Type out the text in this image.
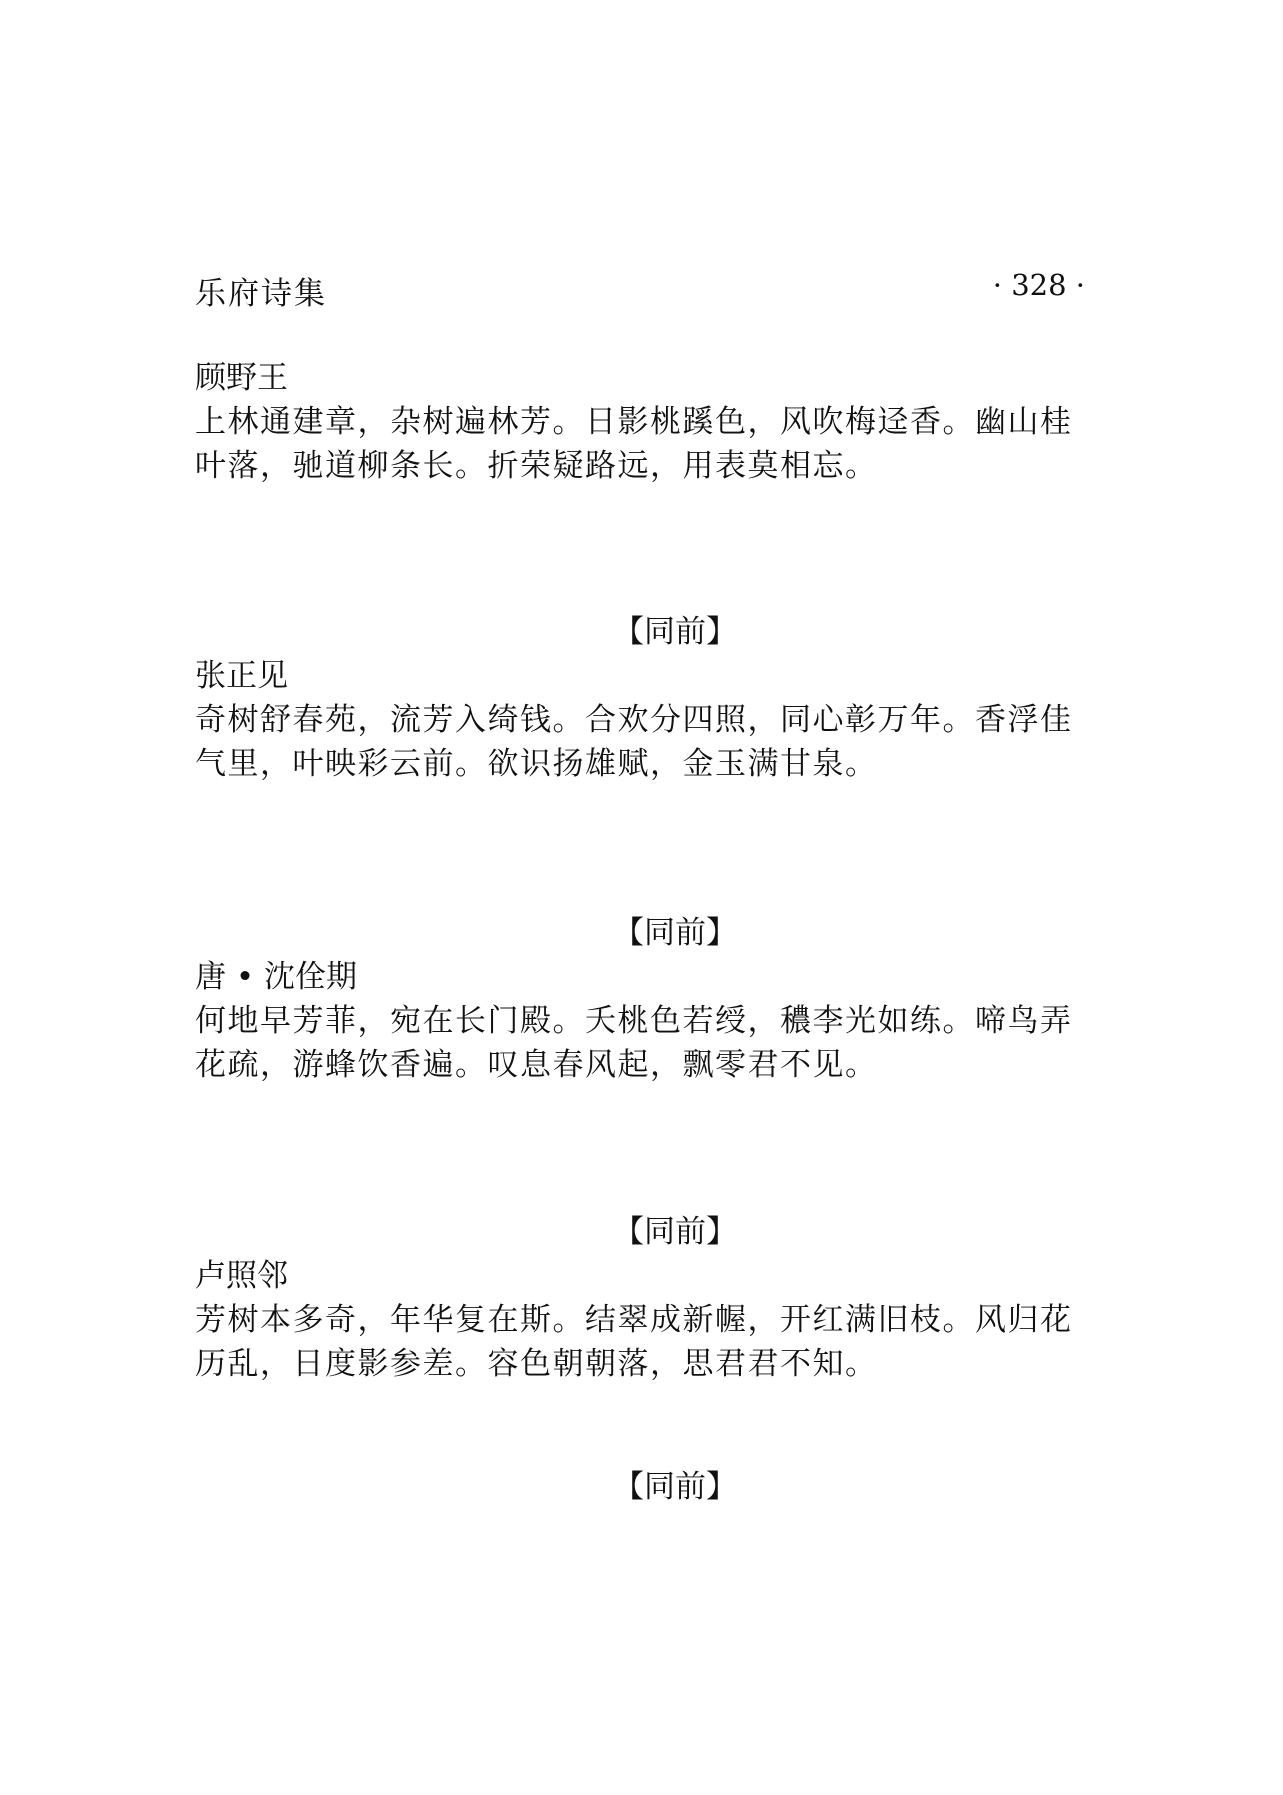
乐府诗集	· 328 ·
顾野王
上林通建章，杂树遍林芳。日影桃蹊色，风吹梅迳香。幽山桂
叶落，驰道柳条长。折荣疑路远，用表莫相忘。
【同前】
张正见
奇树舒春苑，流芳入绮钱。合欢分四照，同心彰万年。香浮佳
气里，叶映彩云前。欲识扬雄赋，金玉满甘泉。
【同前】
唐 • 沈佺期
何地早芳菲，宛在长门殿。夭桃色若绶，穠李光如练。啼鸟弄
花疏，游蜂饮香遍。叹息春风起，飘零君不见。
【同前】
卢照邻
芳树本多奇，年华复在斯。结翠成新幄，开红满旧枝。风归花
历乱，日度影参差。容色朝朝落，思君君不知。
【同前】
